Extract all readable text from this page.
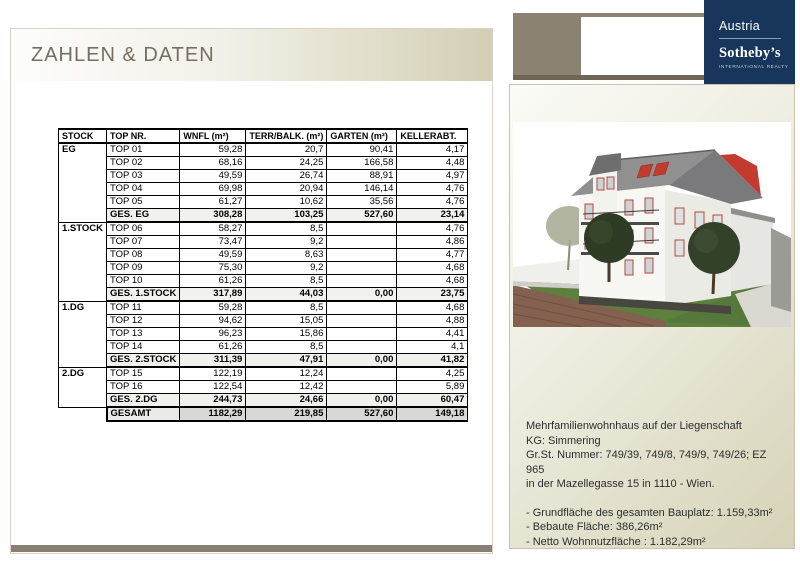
ZAHLEN & DATEN
STOCK	TOP NR.	WNFL (m²)	TERR/BALK. (m²)	GARTEN (m²)	KELLERABT.
EG	TOP 01	59,28	20,7	90,41	4,17
	TOP 02	68,16	24,25	166,58	4,48
	TOP 03	49,59	26,74	88,91	4,97
	TOP 04	69,98	20,94	146,14	4,76
	TOP 05	61,27	10,62	35,56	4,76
	GES. EG	308,28	103,25	527,60	23,14
1.STOCK	TOP 06	58,27	8,5		4,76
	TOP 07	73,47	9,2		4,86
	TOP 08	49,59	8,63		4,77
	TOP 09	75,30	9,2		4,68
	TOP 10	61,26	8,5		4,68
	GES. 1.STOCK	317,89	44,03	0,00	23,75
1.DG	TOP 11	59,28	8,5		4,68
	TOP 12	94,62	15,05		4,88
	TOP 13	96,23	15,86		4,41
	TOP 14	61,26	8,5		4,1
	GES. 2.STOCK	311,39	47,91	0,00	41,82
2.DG	TOP 15	122,19	12,24		4,25
	TOP 16	122,54	12,42		5,89
	GES. 2.DG	244,73	24,66	0,00	60,47
	GESAMT	1182,29	219,85	527,60	149,18
Austria
Sotheby’s
INTERNATIONAL REALTY
Mehrfamilienwohnhaus auf der Liegenschaft
KG: Simmering
Gr.St. Nummer: 749/39, 749/8, 749/9, 749/26; EZ 965
in der Mazellegasse 15 in 1110 - Wien.
- Grundfläche des gesamten Bauplatz: 1.159,33m²
- Bebaute Fläche: 386,26m²
- Netto Wohnnutzfläche : 1.182,29m²
